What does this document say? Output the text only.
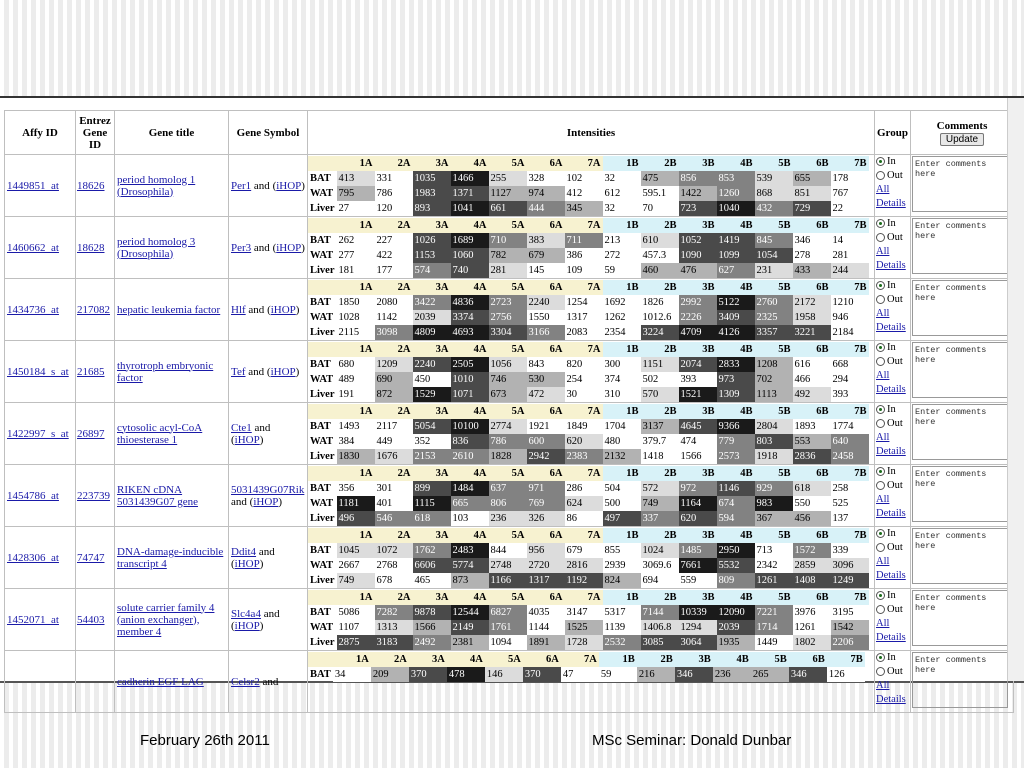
Affy ID	Entrez Gene ID	Gene title	Gene Symbol	Intensities	Group	
Comments
Update
1449851_at	18626	period homolog 1 (Drosophila)	Per1 and (iHOP)	
	1A	2A	3A	4A	5A	6A	7A	1B	2B	3B	4B	5B	6B	7B
BAT	413	331	1035	1466	255	328	102	32	475	856	853	539	655	178
WAT	795	786	1983	1371	1127	974	412	612	595.1	1422	1260	868	851	767
Liver	27	120	893	1041	661	444	345	32	70	723	1040	432	729	22

In
Out
All
Details

Enter comments here

1460662_at	18628	period homolog 3 (Drosophila)	Per3 and (iHOP)	
	1A	2A	3A	4A	5A	6A	7A	1B	2B	3B	4B	5B	6B	7B
BAT	262	227	1026	1689	710	383	711	213	610	1052	1419	845	346	14
WAT	277	422	1153	1060	782	679	386	272	457.3	1090	1099	1054	278	281
Liver	181	177	574	740	281	145	109	59	460	476	627	231	433	244

In
Out
All
Details

Enter comments here

1434736_at	217082	hepatic leukemia factor	Hlf and (iHOP)	
	1A	2A	3A	4A	5A	6A	7A	1B	2B	3B	4B	5B	6B	7B
BAT	1850	2080	3422	4836	2723	2240	1254	1692	1826	2992	5122	2760	2172	1210
WAT	1028	1142	2039	3374	2756	1550	1317	1262	1012.6	2226	3409	2325	1958	946
Liver	2115	3098	4809	4693	3304	3166	2083	2354	3224	4709	4126	3357	3221	2184

In
Out
All
Details

Enter comments here

1450184_s_at	21685	thyrotroph embryonic factor	Tef and (iHOP)	
	1A	2A	3A	4A	5A	6A	7A	1B	2B	3B	4B	5B	6B	7B
BAT	680	1209	2240	2505	1056	843	820	300	1151	2074	2833	1208	616	668
WAT	489	690	450	1010	746	530	254	374	502	393	973	702	466	294
Liver	191	872	1529	1071	673	472	30	310	570	1521	1309	1113	492	393

In
Out
All
Details

Enter comments here

1422997_s_at	26897	cytosolic acyl-CoA thioesterase 1	Cte1 and (iHOP)	
	1A	2A	3A	4A	5A	6A	7A	1B	2B	3B	4B	5B	6B	7B
BAT	1493	2117	5054	10100	2774	1921	1849	1704	3137	4645	9366	2804	1893	1774
WAT	384	449	352	836	786	600	620	480	379.7	474	779	803	553	640
Liver	1830	1676	2153	2610	1828	2942	2383	2132	1418	1566	2573	1918	2836	2458

In
Out
All
Details

Enter comments here

1454786_at	223739	RIKEN cDNA 5031439G07 gene	5031439G07Rik and (iHOP)	
	1A	2A	3A	4A	5A	6A	7A	1B	2B	3B	4B	5B	6B	7B
BAT	356	301	899	1484	637	971	286	504	572	972	1146	929	618	258
WAT	1181	401	1115	665	806	769	624	500	749	1164	674	983	550	525
Liver	496	546	618	103	236	326	86	497	337	620	594	367	456	137

In
Out
All
Details

Enter comments here

1428306_at	74747	DNA-damage-inducible transcript 4	Ddit4 and (iHOP)	
	1A	2A	3A	4A	5A	6A	7A	1B	2B	3B	4B	5B	6B	7B
BAT	1045	1072	1762	2483	844	956	679	855	1024	1485	2950	713	1572	339
WAT	2667	2768	6606	5774	2748	2720	2816	2939	3069.6	7661	5532	2342	2859	3096
Liver	749	678	465	873	1166	1317	1192	824	694	559	809	1261	1408	1249

In
Out
All
Details

Enter comments here

1452071_at	54403	solute carrier family 4 (anion exchanger), member 4	Slc4a4 and (iHOP)	
	1A	2A	3A	4A	5A	6A	7A	1B	2B	3B	4B	5B	6B	7B
BAT	5086	7282	9878	12544	6827	4035	3147	5317	7144	10339	12090	7221	3976	3195
WAT	1107	1313	1566	2149	1761	1144	1525	1139	1406.8	1294	2039	1714	1261	1542
Liver	2875	3183	2492	2381	1094	1891	1728	2532	3085	3064	1935	1449	1802	2206

In
Out
All
Details

Enter comments here

		cadherin EGF LAG	Celsr2 and	
	1A	2A	3A	4A	5A	6A	7A	1B	2B	3B	4B	5B	6B	7B
BAT	34	209	370	478	146	370	47	59	216	346	236	265	346	126

In
Out
All
Details

Enter comments here
February 26th 2011	MSc Seminar: Donald Dunbar
